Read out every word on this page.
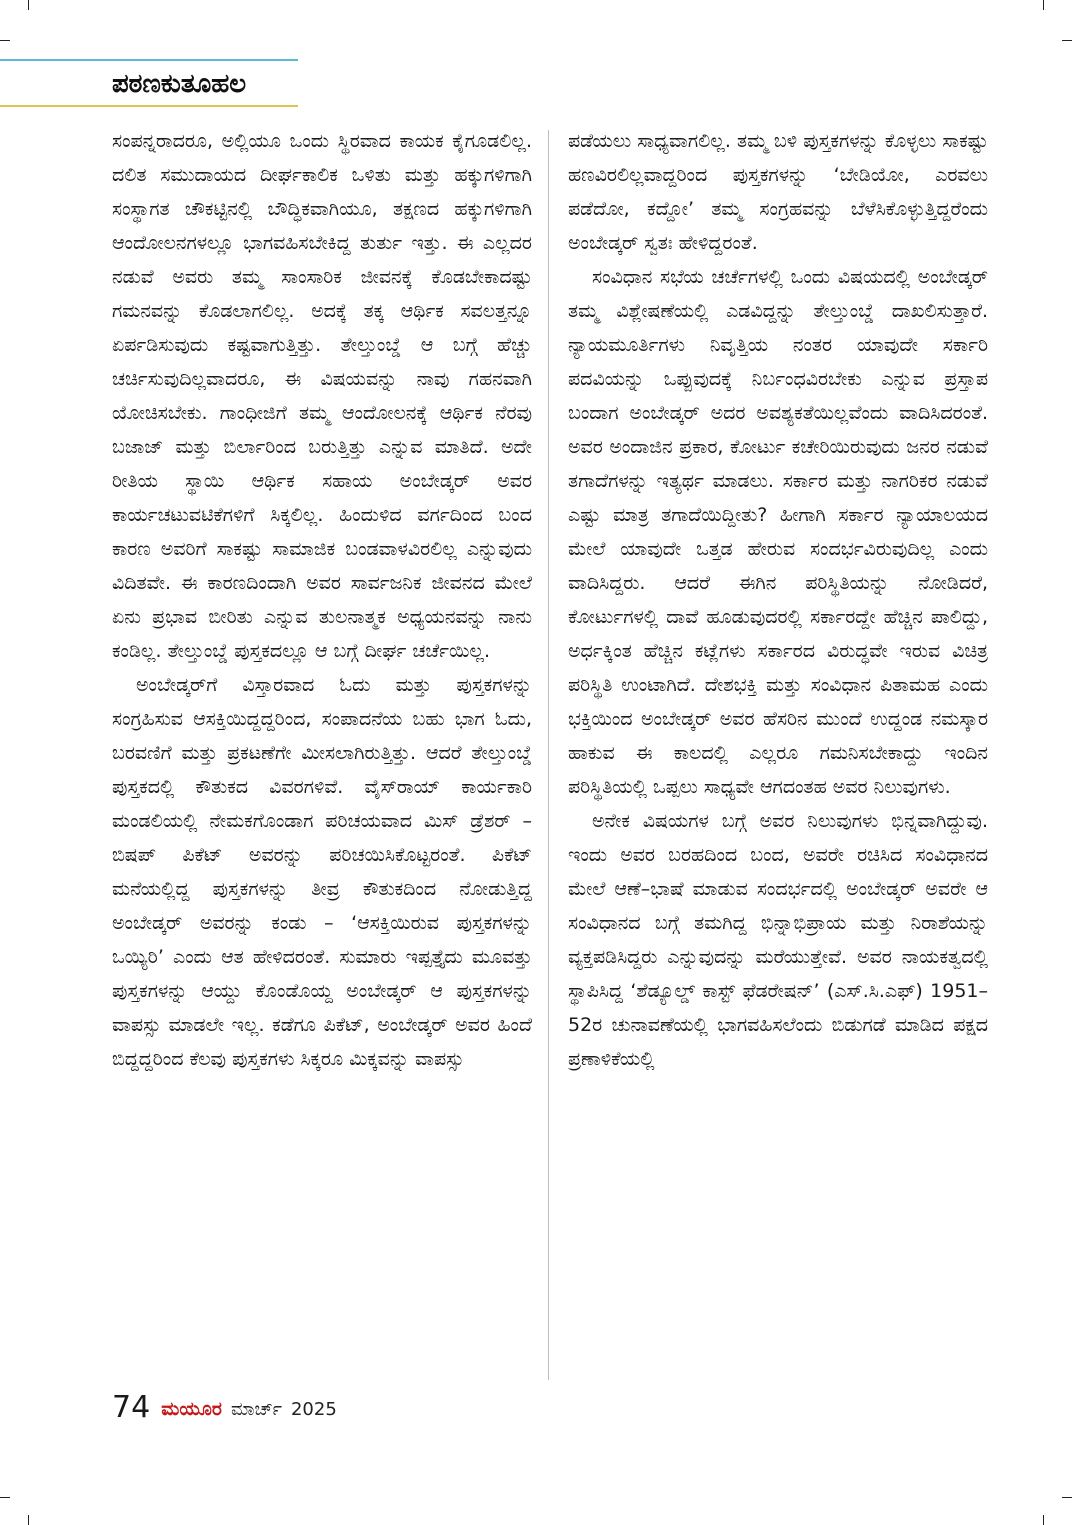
ಪಠಣಕುತೂಹಲ

ಸಂಪನ್ನರಾದರೂ, ಅಲ್ಲಿಯೂ ಒಂದು ಸ್ಥಿರವಾದ ಕಾಯಕ ಕೈಗೂಡಲಿಲ್ಲ. ದಲಿತ ಸಮುದಾಯದ ದೀರ್ಘಕಾಲಿಕ ಒಳಿತು ಮತ್ತು ಹಕ್ಕುಗಳಿಗಾಗಿ ಸಂಸ್ಥಾಗತ ಚೌಕಟ್ಟಿನಲ್ಲಿ ಬೌದ್ಧಿಕವಾಗಿಯೂ, ತಕ್ಷಣದ ಹಕ್ಕುಗಳಿಗಾಗಿ ಆಂದೋಲನಗಳಲ್ಲೂ ಭಾಗವಹಿಸಬೇಕಿದ್ದ ತುರ್ತು ಇತ್ತು. ಈ ಎಲ್ಲದರ ನಡುವೆ ಅವರು ತಮ್ಮ ಸಾಂಸಾರಿಕ ಜೀವನಕ್ಕೆ ಕೊಡಬೇಕಾದಷ್ಟು ಗಮನವನ್ನು ಕೊಡಲಾಗಲಿಲ್ಲ. ಅದಕ್ಕೆ ತಕ್ಕ ಆರ್ಥಿಕ ಸವಲತ್ತನ್ನೂ ಏರ್ಪಡಿಸುವುದು ಕಷ್ಟವಾಗುತ್ತಿತ್ತು. ತೇಲ್ತುಂಬ್ಡೆ ಆ ಬಗ್ಗೆ ಹೆಚ್ಚು ಚರ್ಚಿಸುವುದಿಲ್ಲವಾದರೂ, ಈ ವಿಷಯವನ್ನು ನಾವು ಗಹನವಾಗಿ ಯೋಚಿಸಬೇಕು. ಗಾಂಧೀಜಿಗೆ ತಮ್ಮ ಆಂದೋಲನಕ್ಕೆ ಆರ್ಥಿಕ ನೆರವು ಬಜಾಜ್ ಮತ್ತು ಬಿರ್ಲಾರಿಂದ ಬರುತ್ತಿತ್ತು ಎನ್ನುವ ಮಾತಿದೆ. ಅದೇ ರೀತಿಯ ಸ್ಥಾಯಿ ಆರ್ಥಿಕ ಸಹಾಯ ಅಂಬೇಡ್ಕರ್ ಅವರ ಕಾರ್ಯಚಟುವಟಿಕೆಗಳಿಗೆ ಸಿಕ್ಕಲಿಲ್ಲ. ಹಿಂದುಳಿದ ವರ್ಗದಿಂದ ಬಂದ ಕಾರಣ ಅವರಿಗೆ ಸಾಕಷ್ಟು ಸಾಮಾಜಿಕ ಬಂಡವಾಳವಿರಲಿಲ್ಲ ಎನ್ನುವುದು ವಿದಿತವೇ. ಈ ಕಾರಣದಿಂದಾಗಿ ಅವರ ಸಾರ್ವಜನಿಕ ಜೀವನದ ಮೇಲೆ ಏನು ಪ್ರಭಾವ ಬೀರಿತು ಎನ್ನುವ ತುಲನಾತ್ಮಕ ಅಧ್ಯಯನವನ್ನು ನಾನು ಕಂಡಿಲ್ಲ. ತೇಲ್ತುಂಬ್ಡೆ ಪುಸ್ತಕದಲ್ಲೂ ಆ ಬಗ್ಗೆ ದೀರ್ಘ ಚರ್ಚೆಯಿಲ್ಲ.

ಅಂಬೇಡ್ಕರ್‌ಗೆ ವಿಸ್ತಾರವಾದ ಓದು ಮತ್ತು ಪುಸ್ತಕಗಳನ್ನು ಸಂಗ್ರಹಿಸುವ ಆಸಕ್ತಿಯಿದ್ದದ್ದರಿಂದ, ಸಂಪಾದನೆಯ ಬಹು ಭಾಗ ಓದು, ಬರವಣಿಗೆ ಮತ್ತು ಪ್ರಕಟಣೆಗೇ ಮೀಸಲಾಗಿರುತ್ತಿತ್ತು. ಆದರೆ ತೇಲ್ತುಂಬ್ಡೆ ಪುಸ್ತಕದಲ್ಲಿ ಕೌತುಕದ ವಿವರಗಳಿವೆ. ವೈಸ್‌ರಾಯ್ ಕಾರ್ಯಕಾರಿ ಮಂಡಲಿಯಲ್ಲಿ ನೇಮಕಗೊಂಡಾಗ ಪರಿಚಯವಾದ ಮಿಸ್ ಡ್ರೆಶರ್ – ಬಿಷಪ್ ಪಿಕೆಟ್ ಅವರನ್ನು ಪರಿಚಯಿಸಿಕೊಟ್ಟರಂತೆ. ಪಿಕೆಟ್ ಮನೆಯಲ್ಲಿದ್ದ ಪುಸ್ತಕಗಳನ್ನು ತೀವ್ರ ಕೌತುಕದಿಂದ ನೋಡುತ್ತಿದ್ದ ಅಂಬೇಡ್ಕರ್ ಅವರನ್ನು ಕಂಡು – ‘ಆಸಕ್ತಿಯಿರುವ ಪುಸ್ತಕಗಳನ್ನು ಒಯ್ಯಿರಿ’ ಎಂದು ಆತ ಹೇಳಿದರಂತೆ. ಸುಮಾರು ಇಪ್ಪತ್ತೈದು ಮೂವತ್ತು ಪುಸ್ತಕಗಳನ್ನು ಆಯ್ದು ಕೊಂಡೊಯ್ದ ಅಂಬೇಡ್ಕರ್ ಆ ಪುಸ್ತಕಗಳನ್ನು ವಾಪಸ್ಸು ಮಾಡಲೇ ಇಲ್ಲ. ಕಡೆಗೂ ಪಿಕೆಟ್, ಅಂಬೇಡ್ಕರ್ ಅವರ ಹಿಂದೆ ಬಿದ್ದದ್ದರಿಂದ ಕೆಲವು ಪುಸ್ತಕಗಳು ಸಿಕ್ಕರೂ ಮಿಕ್ಕವನ್ನು ವಾಪಸ್ಸು

ಪಡೆಯಲು ಸಾಧ್ಯವಾಗಲಿಲ್ಲ. ತಮ್ಮ ಬಳಿ ಪುಸ್ತಕಗಳನ್ನು ಕೊಳ್ಳಲು ಸಾಕಷ್ಟು ಹಣವಿರಲಿಲ್ಲವಾದ್ದರಿಂದ ಪುಸ್ತಕಗಳನ್ನು ‘ಬೇಡಿಯೋ, ಎರವಲು ಪಡೆದೋ, ಕದ್ದೋ’ ತಮ್ಮ ಸಂಗ್ರಹವನ್ನು ಬೆಳೆಸಿಕೊಳ್ಳುತ್ತಿದ್ದರೆಂದು ಅಂಬೇಡ್ಕರ್ ಸ್ವತಃ ಹೇಳಿದ್ದರಂತೆ.

ಸಂವಿಧಾನ ಸಭೆಯ ಚರ್ಚೆಗಳಲ್ಲಿ ಒಂದು ವಿಷಯದಲ್ಲಿ ಅಂಬೇಡ್ಕರ್ ತಮ್ಮ ವಿಶ್ಲೇಷಣೆಯಲ್ಲಿ ಎಡವಿದ್ದನ್ನು ತೇಲ್ತುಂಬ್ಡೆ ದಾಖಲಿಸುತ್ತಾರೆ. ನ್ಯಾಯಮೂರ್ತಿಗಳು ನಿವೃತ್ತಿಯ ನಂತರ ಯಾವುದೇ ಸರ್ಕಾರಿ ಪದವಿಯನ್ನು ಒಪ್ಪುವುದಕ್ಕೆ ನಿರ್ಬಂಧವಿರಬೇಕು ಎನ್ನುವ ಪ್ರಸ್ತಾಪ ಬಂದಾಗ ಅಂಬೇಡ್ಕರ್ ಅದರ ಅವಶ್ಯಕತೆಯಿಲ್ಲವೆಂದು ವಾದಿಸಿದರಂತೆ. ಅವರ ಅಂದಾಜಿನ ಪ್ರಕಾರ, ಕೋರ್ಟು ಕಚೇರಿಯಿರುವುದು ಜನರ ನಡುವೆ ತಗಾದೆಗಳನ್ನು ಇತ್ಯರ್ಥ ಮಾಡಲು. ಸರ್ಕಾರ ಮತ್ತು ನಾಗರಿಕರ ನಡುವೆ ಎಷ್ಟು ಮಾತ್ರ ತಗಾದೆಯಿದ್ದೀತು? ಹೀಗಾಗಿ ಸರ್ಕಾರ ನ್ಯಾಯಾಲಯದ ಮೇಲೆ ಯಾವುದೇ ಒತ್ತಡ ಹೇರುವ ಸಂದರ್ಭವಿರುವುದಿಲ್ಲ ಎಂದು ವಾದಿಸಿದ್ದರು. ಆದರೆ ಈಗಿನ ಪರಿಸ್ಥಿತಿಯನ್ನು ನೋಡಿದರೆ, ಕೋರ್ಟುಗಳಲ್ಲಿ ದಾವೆ ಹೂಡುವುದರಲ್ಲಿ ಸರ್ಕಾರದ್ದೇ ಹೆಚ್ಚಿನ ಪಾಲಿದ್ದು, ಅರ್ಧಕ್ಕಿಂತ ಹೆಚ್ಚಿನ ಕಟ್ಲೆಗಳು ಸರ್ಕಾರದ ವಿರುದ್ಧವೇ ಇರುವ ವಿಚಿತ್ರ ಪರಿಸ್ಥಿತಿ ಉಂಟಾಗಿದೆ. ದೇಶಭಕ್ತಿ ಮತ್ತು ಸಂವಿಧಾನ ಪಿತಾಮಹ ಎಂದು ಭಕ್ತಿಯಿಂದ ಅಂಬೇಡ್ಕರ್ ಅವರ ಹೆಸರಿನ ಮುಂದೆ ಉದ್ದಂಡ ನಮಸ್ಕಾರ ಹಾಕುವ ಈ ಕಾಲದಲ್ಲಿ ಎಲ್ಲರೂ ಗಮನಿಸಬೇಕಾದ್ದು ಇಂದಿನ ಪರಿಸ್ಥಿತಿಯಲ್ಲಿ ಒಪ್ಪಲು ಸಾಧ್ಯವೇ ಆಗದಂತಹ ಅವರ ನಿಲುವುಗಳು.

ಅನೇಕ ವಿಷಯಗಳ ಬಗ್ಗೆ ಅವರ ನಿಲುವುಗಳು ಭಿನ್ನವಾಗಿದ್ದುವು. ಇಂದು ಅವರ ಬರಹದಿಂದ ಬಂದ, ಅವರೇ ರಚಿಸಿದ ಸಂವಿಧಾನದ ಮೇಲೆ ಆಣೆ–ಭಾಷೆ ಮಾಡುವ ಸಂದರ್ಭದಲ್ಲಿ ಅಂಬೇಡ್ಕರ್ ಅವರೇ ಆ ಸಂವಿಧಾನದ ಬಗ್ಗೆ ತಮಗಿದ್ದ ಭಿನ್ನಾಭಿಪ್ರಾಯ ಮತ್ತು ನಿರಾಶೆಯನ್ನು ವ್ಯಕ್ತಪಡಿಸಿದ್ದರು ಎನ್ನುವುದನ್ನು ಮರೆಯುತ್ತೇವೆ. ಅವರ ನಾಯಕತ್ವದಲ್ಲಿ ಸ್ಥಾಪಿಸಿದ್ದ ‘ಶೆಡ್ಯೂಲ್ಡ್ ಕಾಸ್ಟ್ ಫೆಡರೇಷನ್’ (ಎಸ್.ಸಿ.ಎಫ್) 1951–52ರ ಚುನಾವಣೆಯಲ್ಲಿ ಭಾಗವಹಿಸಲೆಂದು ಬಿಡುಗಡೆ ಮಾಡಿದ ಪಕ್ಷದ ಪ್ರಣಾಳಿಕೆಯಲ್ಲಿ

74 ಮಯೂರ ಮಾರ್ಚ್ 2025
